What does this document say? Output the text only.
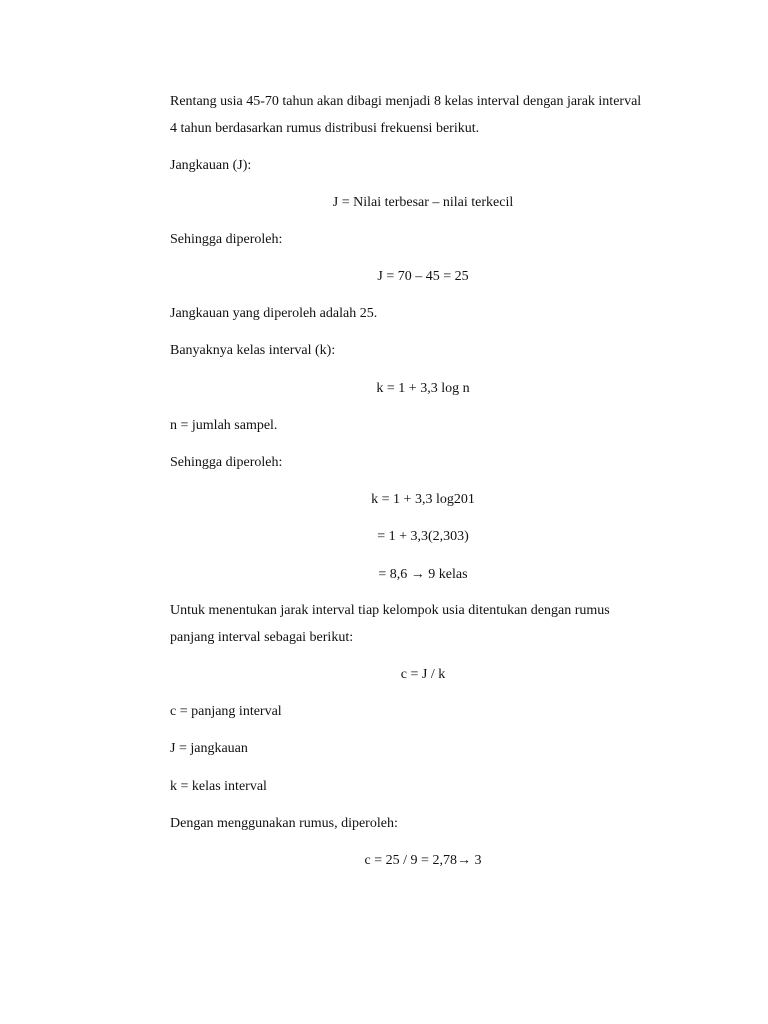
Rentang usia 45-70 tahun akan dibagi menjadi 8 kelas interval dengan jarak interval
4 tahun berdasarkan rumus distribusi frekuensi berikut.
Jangkauan (J):
J = Nilai terbesar – nilai terkecil
Sehingga diperoleh:
J = 70 – 45 = 25
Jangkauan yang diperoleh adalah 25.
Banyaknya kelas interval (k):
k = 1 + 3,3 log n
n = jumlah sampel.
Sehingga diperoleh:
k = 1 + 3,3 log201
= 1 + 3,3(2,303)
= 8,6 → 9 kelas
Untuk menentukan jarak interval tiap kelompok usia ditentukan dengan rumus
panjang interval sebagai berikut:
c = J / k
c = panjang interval
J = jangkauan
k = kelas interval
Dengan menggunakan rumus, diperoleh:
c = 25 / 9 = 2,78→ 3
